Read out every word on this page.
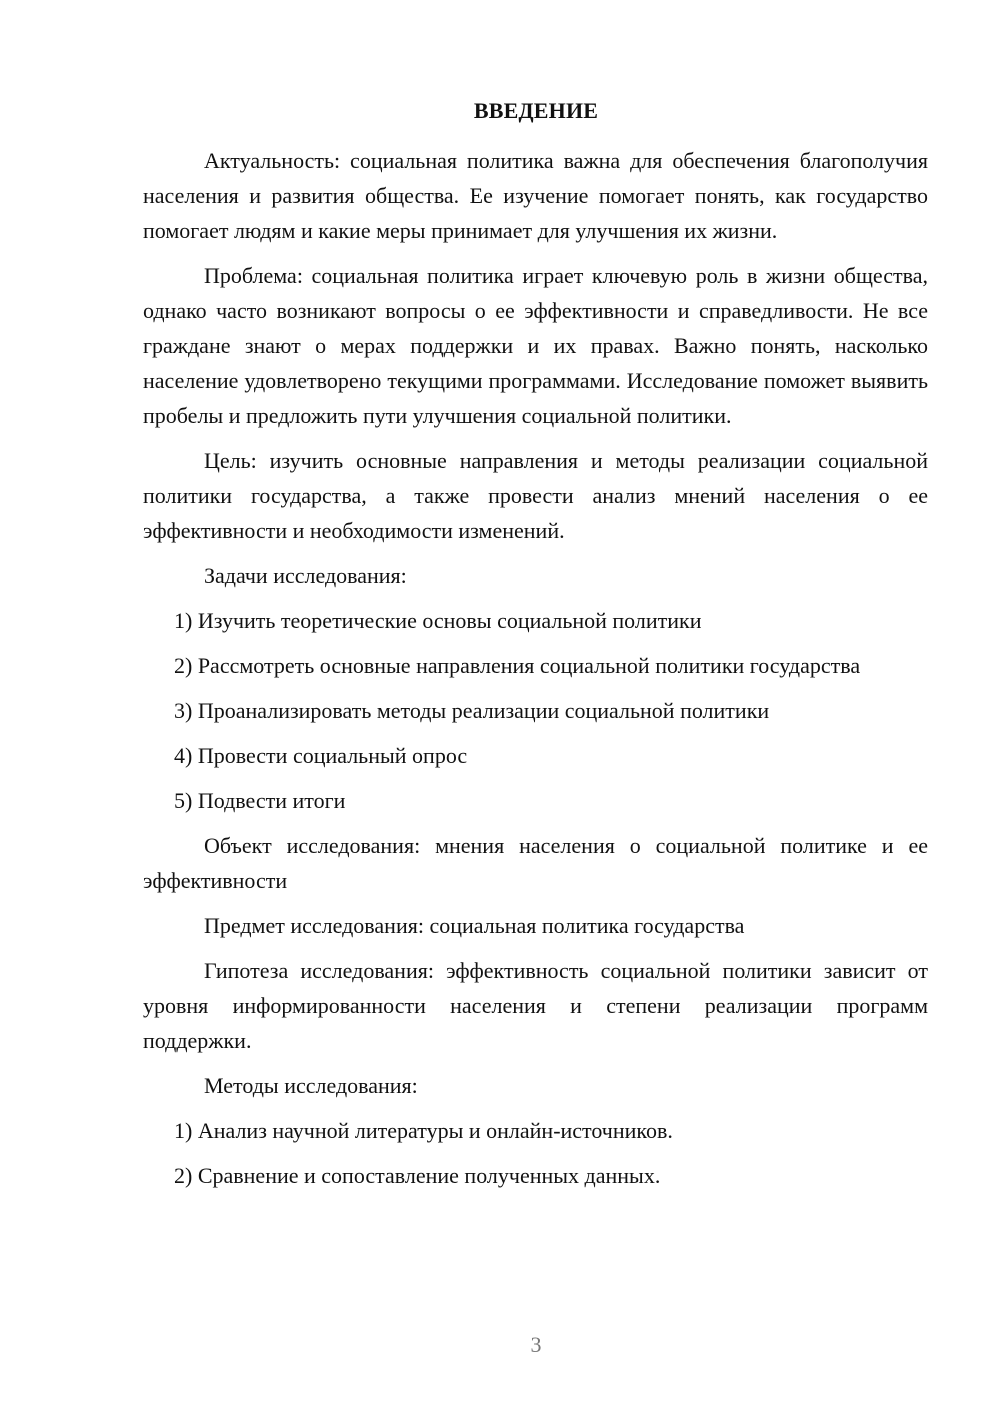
ВВЕДЕНИЕ

Актуальность: социальная политика важна для обеспечения благополучия населения и развития общества. Ее изучение помогает понять, как государство помогает людям и какие меры принимает для улучшения их жизни.

Проблема: социальная политика играет ключевую роль в жизни общества, однако часто возникают вопросы о ее эффективности и справедливости. Не все граждане знают о мерах поддержки и их правах. Важно понять, насколько население удовлетворено текущими программами. Исследование поможет выявить пробелы и предложить пути улучшения социальной политики.

Цель: изучить основные направления и методы реализации социальной политики государства, а также провести анализ мнений населения о ее эффективности и необходимости изменений.

Задачи исследования:

1) Изучить теоретические основы социальной политики

2) Рассмотреть основные направления социальной политики государства

3) Проанализировать методы реализации социальной политики

4) Провести социальный опрос

5) Подвести итоги

Объект исследования: мнения населения о социальной политике и ее эффективности

Предмет исследования: социальная политика государства

Гипотеза исследования: эффективность социальной политики зависит от уровня информированности населения и степени реализации программ поддержки.

Методы исследования:

1) Анализ научной литературы и онлайн-источников.

2) Сравнение и сопоставление полученных данных.

3
